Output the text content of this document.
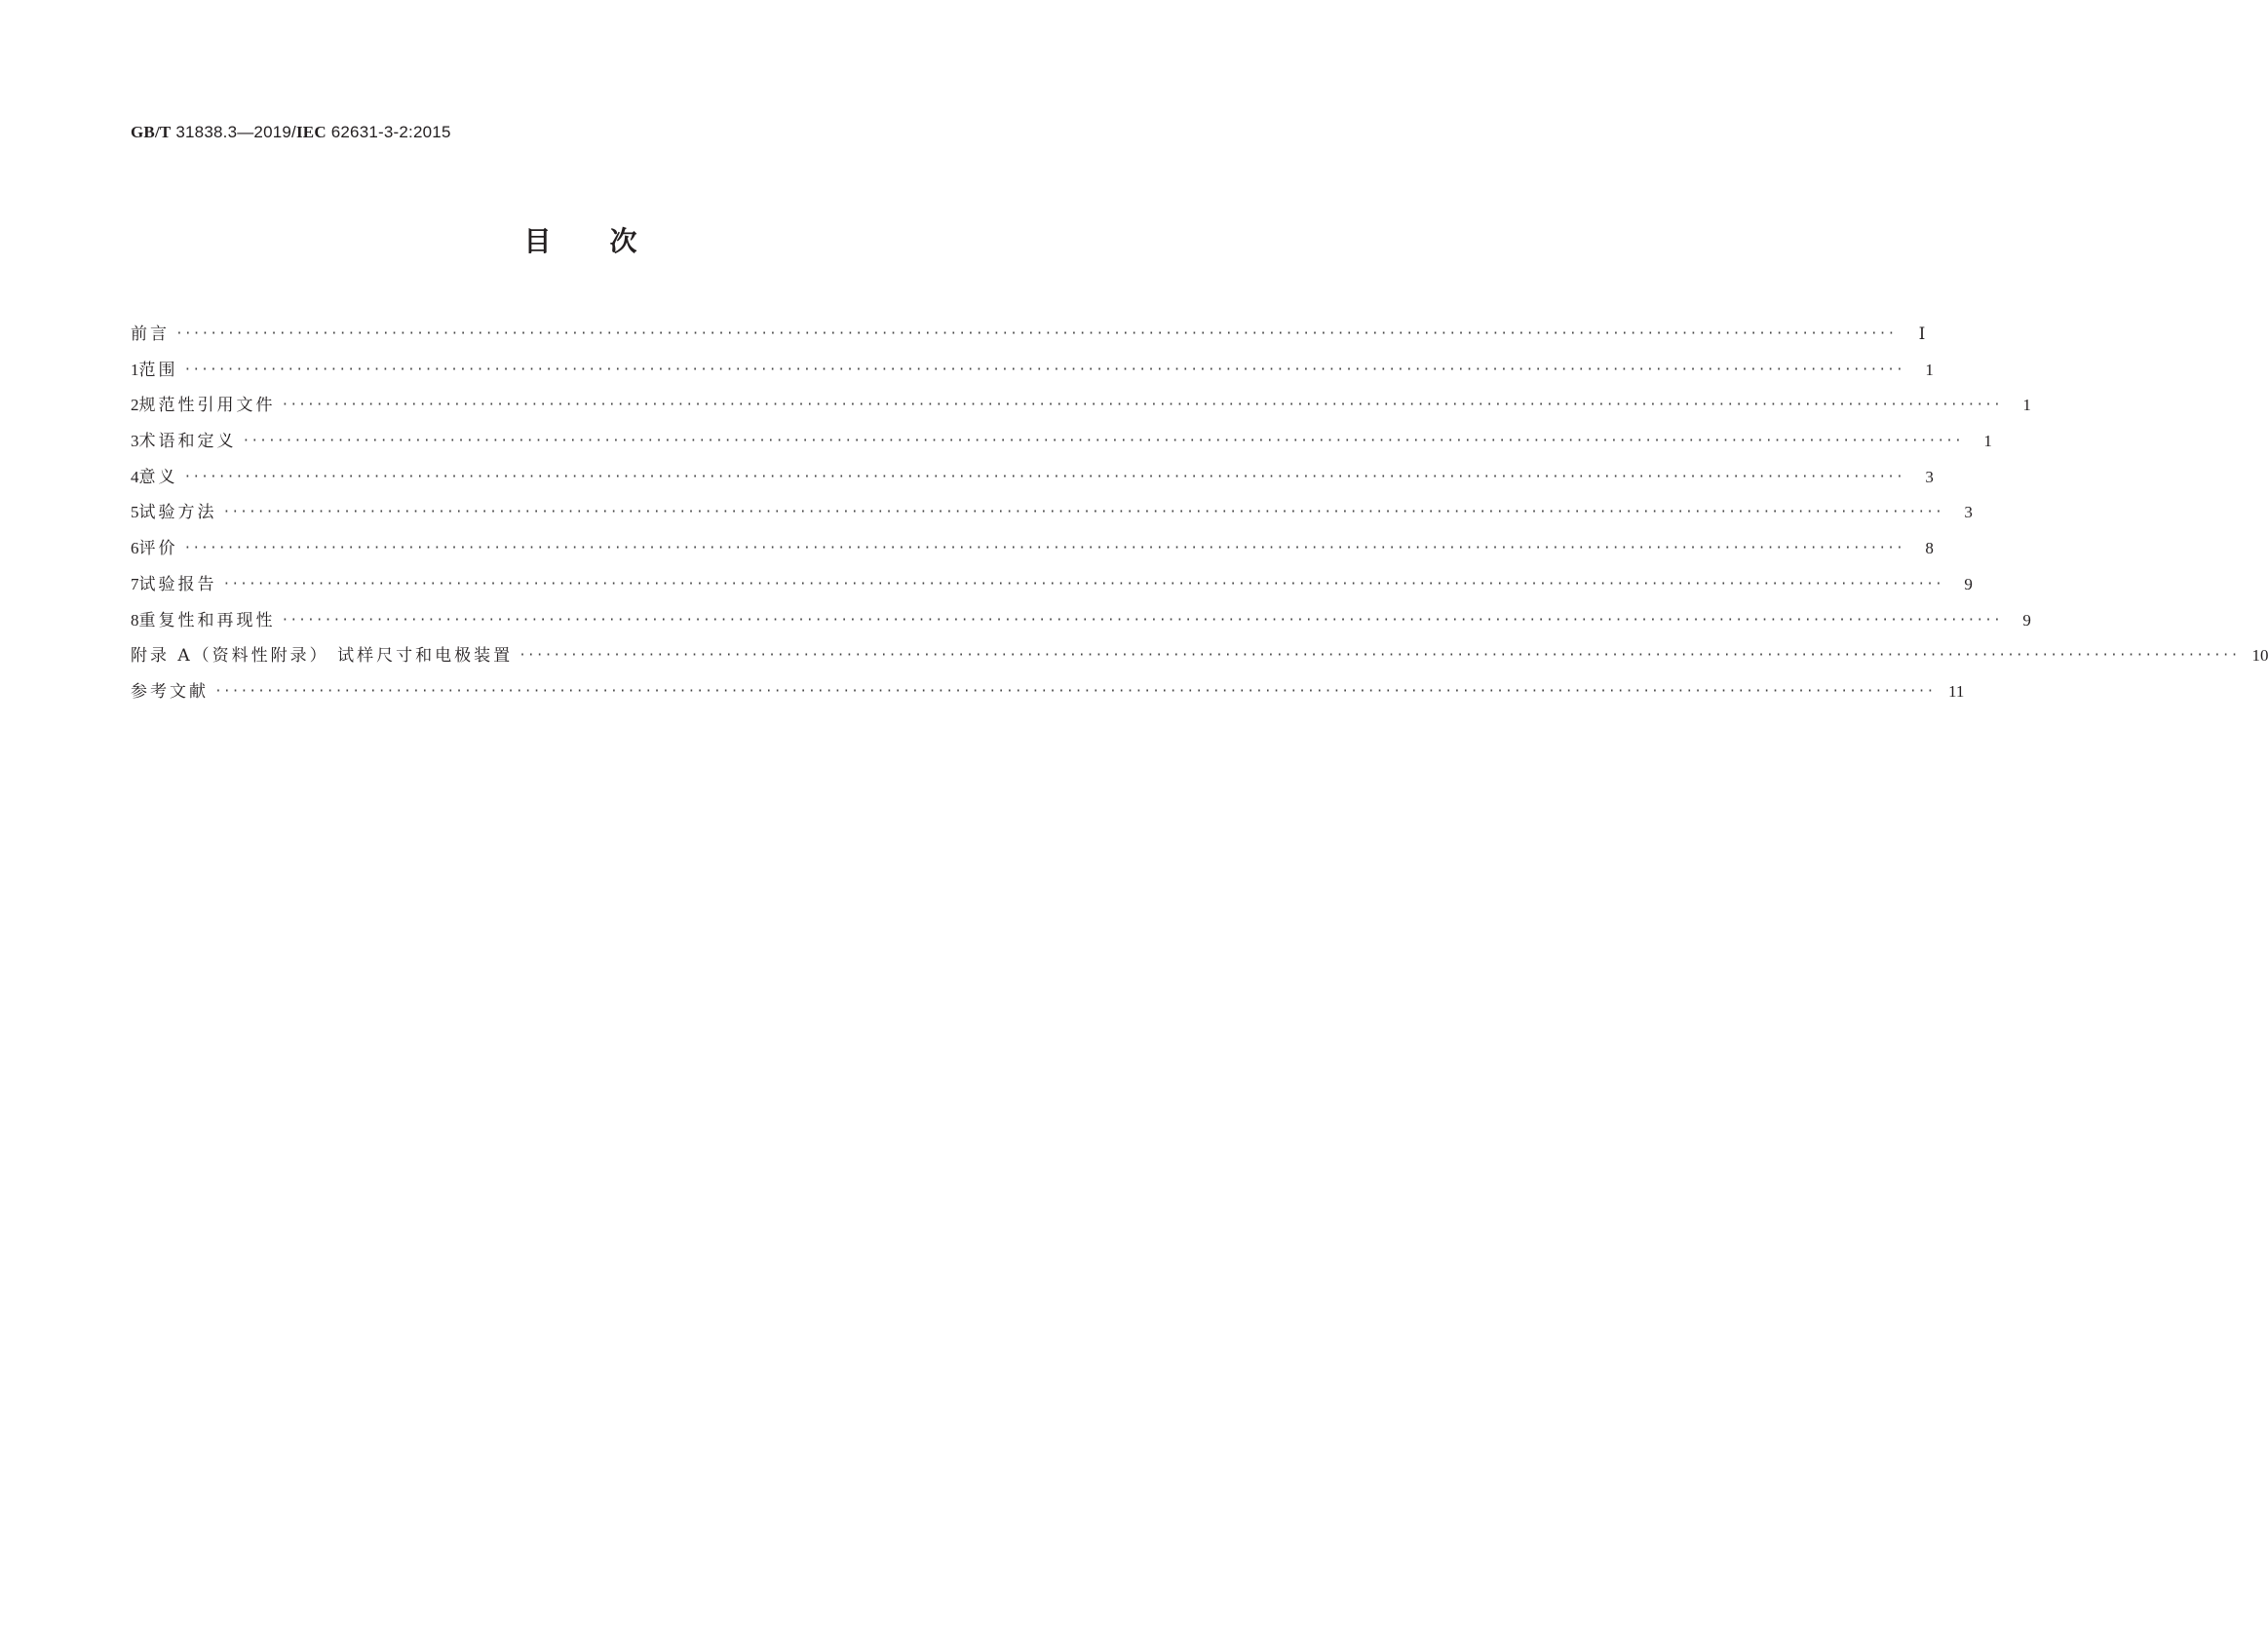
GB/T 31838.3—2019/IEC 62631-3-2:2015
目次
前言 ········································································································································································································	Ⅰ
1 范围 ········································································································································································································	1
2 规范性引用文件 ········································································································································································································	1
3 术语和定义 ········································································································································································································	1
4 意义 ········································································································································································································	3
5 试验方法 ········································································································································································································	3
6 评价 ········································································································································································································	8
7 试验报告 ········································································································································································································	9
8 重复性和再现性 ········································································································································································································	9
附录 A（资料性附录） 试样尺寸和电极装置 ········································································································································································································ 10
参考文献 ········································································································································································································ 11
